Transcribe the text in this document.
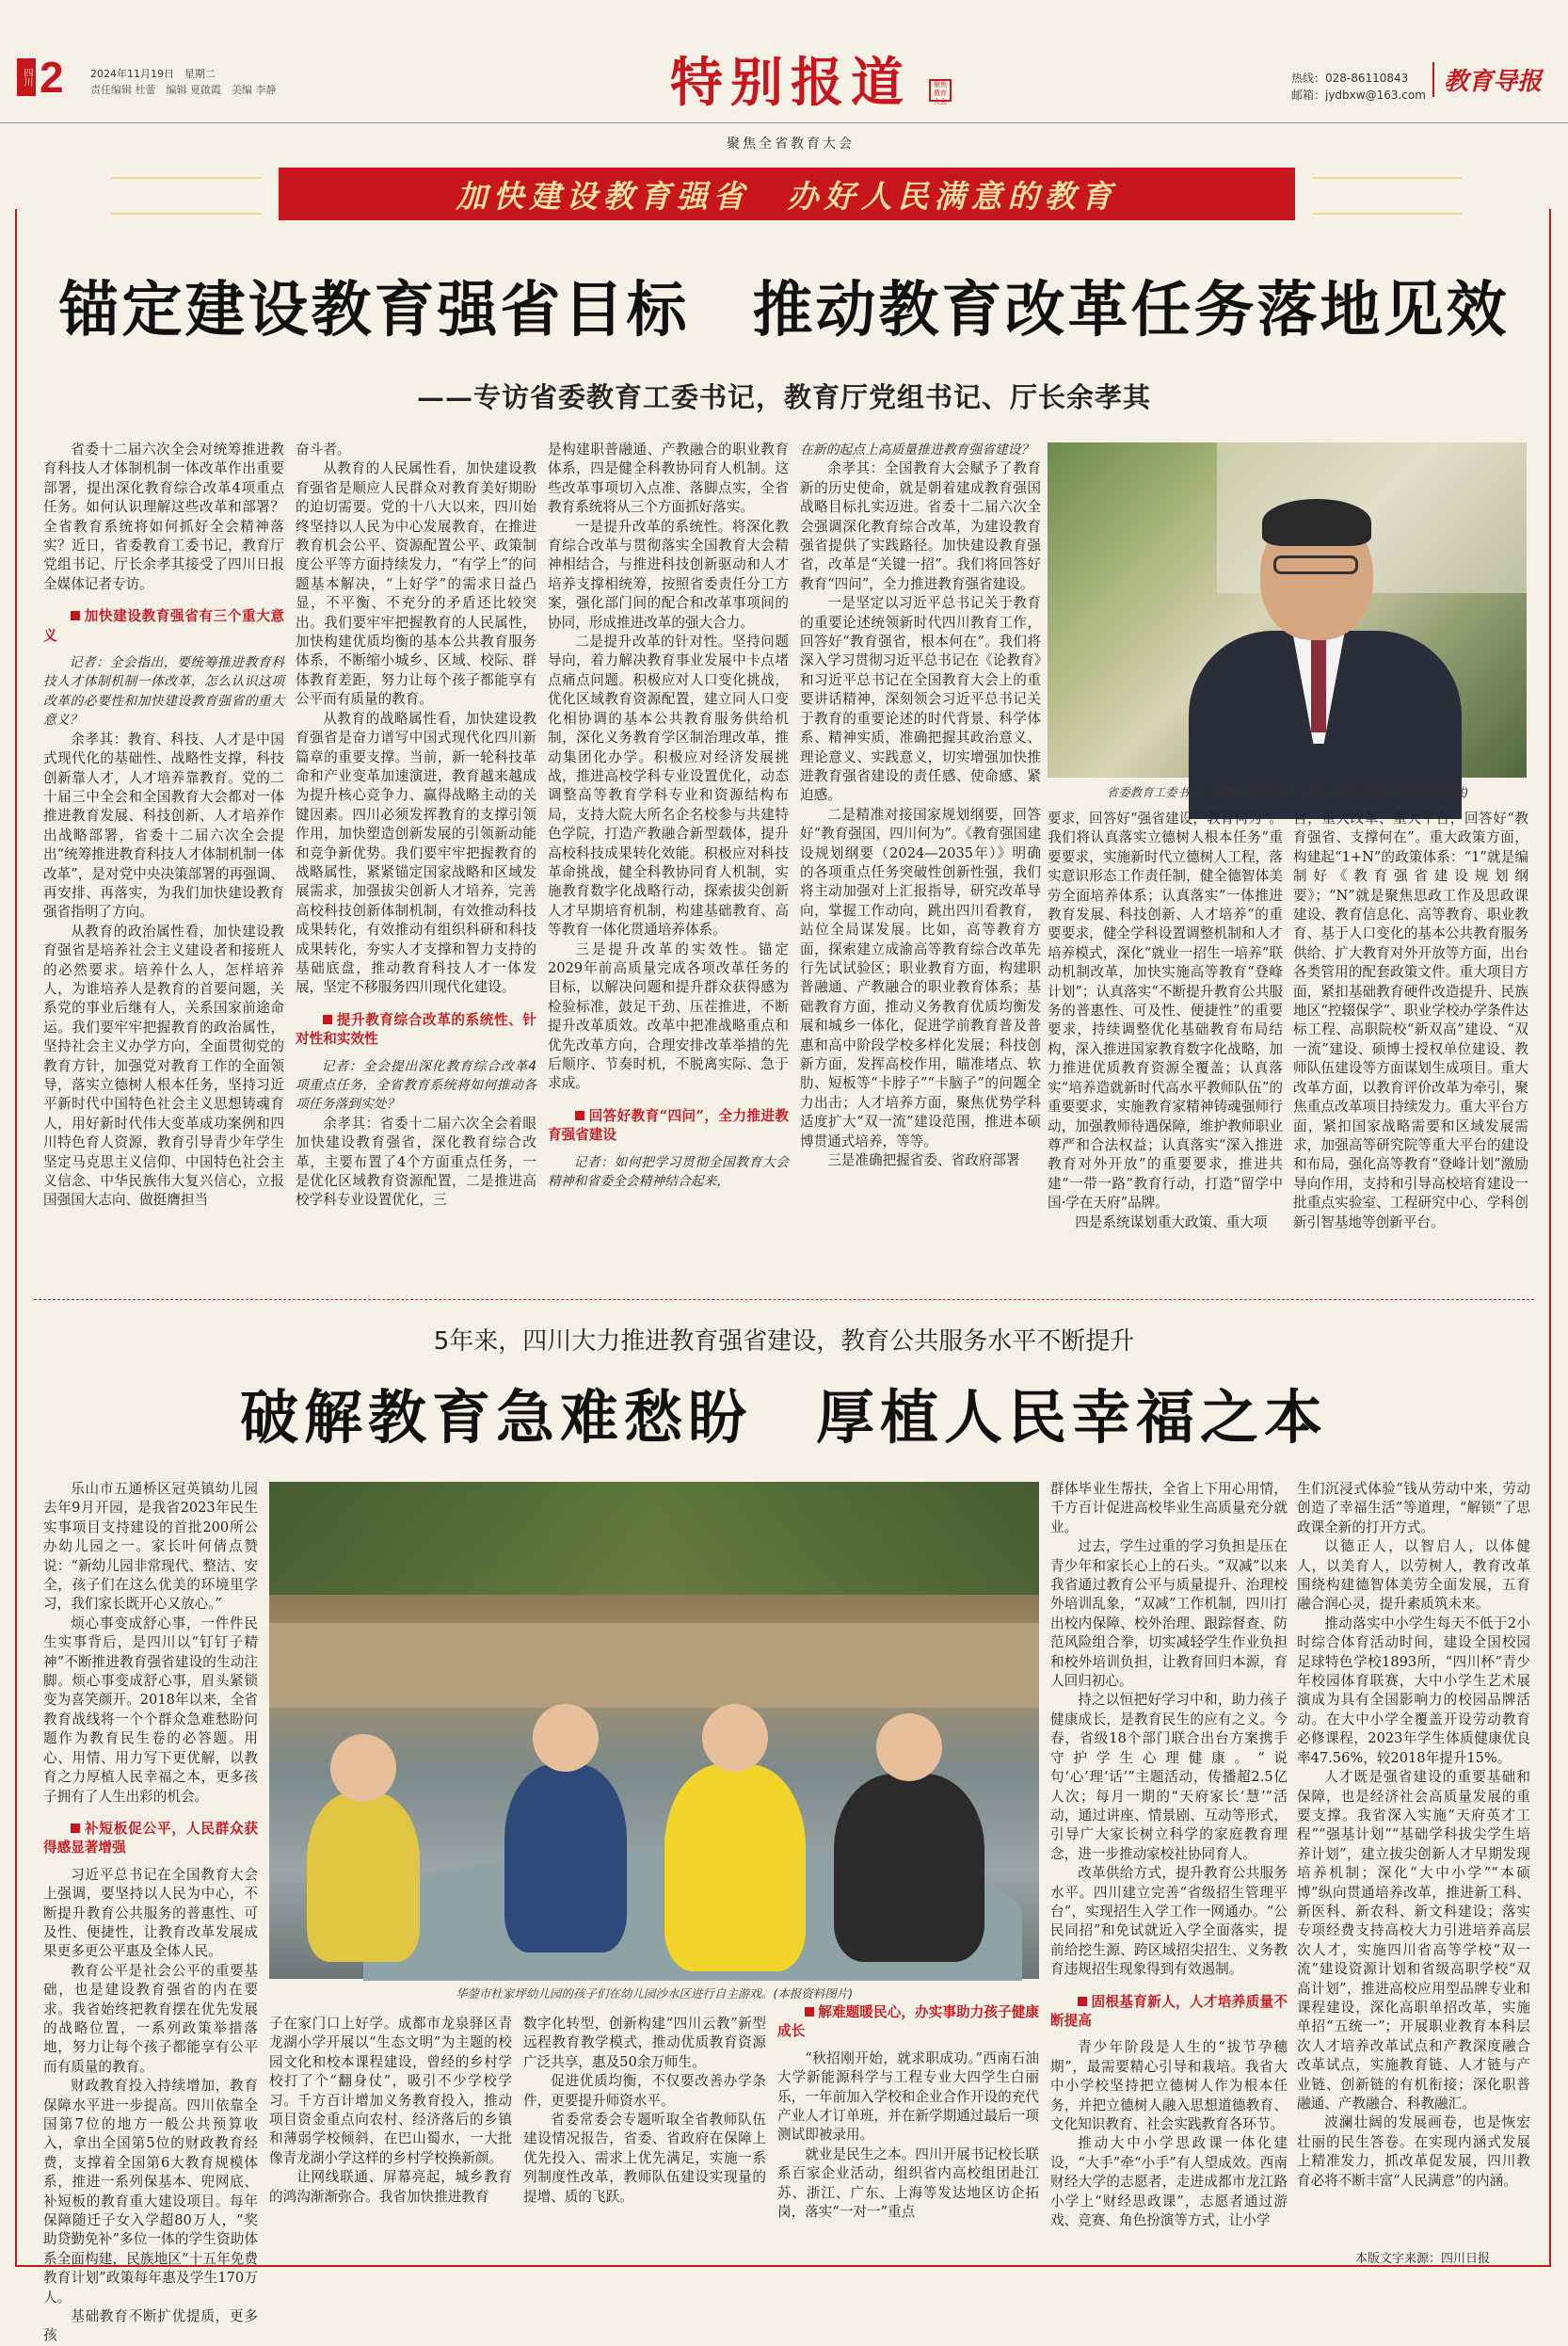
四川 2	2024年11月19日　星期二
责任编辑 杜蕾　编辑 夏啟霞　美编 李静	特别报道	聚焦教育大会
聚焦全省教育大会
热线：028-86110843
邮箱：jydbxw@163.com 教育导报
加快建设教育强省 办好人民满意的教育
锚定建设教育强省目标　推动教育改革任务落地见效
——专访省委教育工委书记，教育厅党组书记、厅长余孝其

省委十二届六次全会对统筹推进教育科技人才体制机制一体改革作出重要部署，提出深化教育综合改革4项重点任务。如何认识理解这些改革和部署？全省教育系统将如何抓好全会精神落实？近日，省委教育工委书记，教育厅党组书记、厅长余孝其接受了四川日报全媒体记者专访。

加快建设教育强省有三个重大意义

记者：全会指出，要统筹推进教育科技人才体制机制一体改革，怎么认识这项改革的必要性和加快建设教育强省的重大意义？

余孝其：教育、科技、人才是中国式现代化的基础性、战略性支撑，科技创新靠人才，人才培养靠教育。党的二十届三中全会和全国教育大会都对一体推进教育发展、科技创新、人才培养作出战略部署，省委十二届六次全会提出“统筹推进教育科技人才体制机制一体改革”，是对党中央决策部署的再强调、再安排、再落实，为我们加快建设教育强省指明了方向。

从教育的政治属性看，加快建设教育强省是培养社会主义建设者和接班人的必然要求。培养什么人，怎样培养人，为谁培养人是教育的首要问题，关系党的事业后继有人，关系国家前途命运。我们要牢牢把握教育的政治属性，坚持社会主义办学方向，全面贯彻党的教育方针，加强党对教育工作的全面领导，落实立德树人根本任务，坚持习近平新时代中国特色社会主义思想铸魂育人，用好新时代伟大变革成功案例和四川特色育人资源，教育引导青少年学生坚定马克思主义信仰、中国特色社会主义信念、中华民族伟大复兴信心，立报国强国大志向、做挺膺担当

奋斗者。

从教育的人民属性看，加快建设教育强省是顺应人民群众对教育美好期盼的迫切需要。党的十八大以来，四川始终坚持以人民为中心发展教育，在推进教育机会公平、资源配置公平、政策制度公平等方面持续发力，“有学上”的问题基本解决，“上好学”的需求日益凸显，不平衡、不充分的矛盾还比较突出。我们要牢牢把握教育的人民属性，加快构建优质均衡的基本公共教育服务体系，不断缩小城乡、区域、校际、群体教育差距，努力让每个孩子都能享有公平而有质量的教育。

从教育的战略属性看，加快建设教育强省是奋力谱写中国式现代化四川新篇章的重要支撑。当前，新一轮科技革命和产业变革加速演进，教育越来越成为提升核心竞争力、赢得战略主动的关键因素。四川必须发挥教育的支撑引领作用，加快塑造创新发展的引领新动能和竞争新优势。我们要牢牢把握教育的战略属性，紧紧锚定国家战略和区域发展需求，加强拔尖创新人才培养，完善高校科技创新体制机制，有效推动科技成果转化，有效推动有组织科研和科技成果转化，夯实人才支撑和智力支持的基础底盘，推动教育科技人才一体发展，坚定不移服务四川现代化建设。

提升教育综合改革的系统性、针对性和实效性

记者：全会提出深化教育综合改革4项重点任务，全省教育系统将如何推动各项任务落到实处？

余孝其：省委十二届六次全会着眼加快建设教育强省，深化教育综合改革，主要布置了4个方面重点任务，一是优化区域教育资源配置，二是推进高校学科专业设置优化，三

是构建职普融通、产教融合的职业教育体系，四是健全科教协同育人机制。这些改革事项切入点准、落脚点实，全省教育系统将从三个方面抓好落实。

一是提升改革的系统性。将深化教育综合改革与贯彻落实全国教育大会精神相结合，与推进科技创新驱动和人才培养支撑相统筹，按照省委责任分工方案，强化部门间的配合和改革事项间的协同，形成推进改革的强大合力。

二是提升改革的针对性。坚持问题导向，着力解决教育事业发展中卡点堵点痛点问题。积极应对人口变化挑战，优化区域教育资源配置，建立同人口变化相协调的基本公共教育服务供给机制，深化义务教育学区制治理改革，推动集团化办学。积极应对经济发展挑战，推进高校学科专业设置优化，动态调整高等教育学科专业和资源结构布局，支持大院大所名企名校参与共建特色学院，打造产教融合新型载体，提升高校科技成果转化效能。积极应对科技革命挑战，健全科教协同育人机制，实施教育数字化战略行动，探索拔尖创新人才早期培育机制，构建基础教育、高等教育一体化贯通培养体系。

三是提升改革的实效性。锚定2029年前高质量完成各项改革任务的目标，以解决问题和提升群众获得感为检验标准，鼓足干劲、压茬推进，不断提升改革质效。改革中把准战略重点和优先改革方向，合理安排改革举措的先后顺序、节奏时机，不脱离实际、急于求成。

回答好教育“四问”，全力推进教育强省建设

记者：如何把学习贯彻全国教育大会精神和省委全会精神结合起来，

在新的起点上高质量推进教育强省建设？

余孝其：全国教育大会赋予了教育新的历史使命，就是朝着建成教育强国战略目标扎实迈进。省委十二届六次全会强调深化教育综合改革，为建设教育强省提供了实践路径。加快建设教育强省，改革是“关键一招”。我们将回答好教育“四问”，全力推进教育强省建设。

一是坚定以习近平总书记关于教育的重要论述统领新时代四川教育工作，回答好“教育强省，根本何在”。我们将深入学习贯彻习近平总书记在《论教育》和习近平总书记在全国教育大会上的重要讲话精神，深刻领会习近平总书记关于教育的重要论述的时代背景、科学体系、精神实质，准确把握其政治意义、理论意义、实践意义，切实增强加快推进教育强省建设的责任感、使命感、紧迫感。

二是精准对接国家规划纲要，回答好“教育强国，四川何为”。《教育强国建设规划纲要（2024—2035年）》明确的各项重点任务突破性创新性强，我们将主动加强对上汇报指导，研究改革导向，掌握工作动向，跳出四川看教育，站位全局谋发展。比如，高等教育方面，探索建立成渝高等教育综合改革先行先试试验区；职业教育方面，构建职普融通、产教融合的职业教育体系；基础教育方面，推动义务教育优质均衡发展和城乡一体化，促进学前教育普及普惠和高中阶段学校多样化发展；科技创新方面，发挥高校作用，瞄准堵点、软肋、短板等“卡脖子”“卡脑子”的问题全力出击；人才培养方面，聚焦优势学科适度扩大“双一流”建设范围，推进本硕博贯通式培养，等等。

三是准确把握省委、省政府部署

省委教育工委书记，教育厅党组书记、厅长余孝其(图片由教育厅提供)

要求，回答好“强省建设，教育何为”。我们将认真落实立德树人根本任务“重要要求，实施新时代立德树人工程，落实意识形态工作责任制，健全德智体美劳全面培养体系；认真落实“一体推进教育发展、科技创新、人才培养”的重要要求，健全学科设置调整机制和人才培养模式，深化“就业一招生一培养”联动机制改革，加快实施高等教育“登峰计划”；认真落实“不断提升教育公共服务的普惠性、可及性、便捷性”的重要要求，持续调整优化基础教育布局结构，深入推进国家教育数字化战略，加力推进优质教育资源全覆盖；认真落实“培养造就新时代高水平教师队伍”的重要要求，实施教育家精神铸魂强师行动，加强教师待遇保障，维护教师职业尊严和合法权益；认真落实“深入推进教育对外开放”的重要要求，推进共建“一带一路”教育行动，打造“留学中国·学在天府”品牌。

四是系统谋划重大政策、重大项

目，重大改革、重大平台，回答好“教育强省、支撑何在”。重大政策方面，构建起“1+N”的政策体系：“1”就是编制好《教育强省建设规划纲要》；“N”就是聚焦思政工作及思政课建设、教育信息化、高等教育、职业教育、基于人口变化的基本公共教育服务供给、扩大教育对外开放等方面，出台各类管用的配套政策文件。重大项目方面，紧扣基础教育硬件改造提升、民族地区“控辍保学”、职业学校办学条件达标工程、高职院校“新双高”建设、“双一流”建设、硕博士授权单位建设、教师队伍建设等方面谋划生成项目。重大改革方面，以教育评价改革为牵引，聚焦重点改革项目持续发力。重大平台方面，紧扣国家战略需要和区域发展需求，加强高等研究院等重大平台的建设和布局，强化高等教育“登峰计划”激励导向作用，支持和引导高校培育建设一批重点实验室、工程研究中心、学科创新引智基地等创新平台。

5年来，四川大力推进教育强省建设，教育公共服务水平不断提升
破解教育急难愁盼　厚植人民幸福之本

乐山市五通桥区冠英镇幼儿园去年9月开园，是我省2023年民生实事项目支持建设的首批200所公办幼儿园之一。家长叶何倩点赞说：“新幼儿园非常现代、整洁、安全，孩子们在这么优美的环境里学习，我们家长既开心又放心。”

烦心事变成舒心事，一件件民生实事背后，是四川以“钉钉子精神”不断推进教育强省建设的生动注脚。烦心事变成舒心事，眉头紧锁变为喜笑颜开。2018年以来，全省教育战线将一个个群众急难愁盼问题作为教育民生卷的必答题。用心、用情、用力写下更优解，以教育之力厚植人民幸福之本，更多孩子拥有了人生出彩的机会。

补短板促公平，人民群众获得感显著增强

习近平总书记在全国教育大会上强调，要坚持以人民为中心，不断提升教育公共服务的普惠性、可及性、便捷性，让教育改革发展成果更多更公平惠及全体人民。

教育公平是社会公平的重要基础，也是建设教育强省的内在要求。我省始终把教育摆在优先发展的战略位置，一系列政策举措落地，努力让每个孩子都能享有公平而有质量的教育。

财政教育投入持续增加，教育保障水平进一步提高。四川依靠全国第7位的地方一般公共预算收入，拿出全国第5位的财政教育经费，支撑着全国第6大教育规模体系，推进一系列保基本、兜网底、补短板的教育重大建设项目。每年保障随迁子女入学超80万人，“奖助贷勤免补”多位一体的学生资助体系全面构建，民族地区“十五年免费教育计划”政策每年惠及学生170万人。

基础教育不断扩优提质，更多孩

华蓥市杜家坪幼儿园的孩子们在幼儿园沙水区进行自主游戏。(本报资料图片)

子在家门口上好学。成都市龙泉驿区青龙湖小学开展以“生态文明”为主题的校园文化和校本课程建设，曾经的乡村学校打了个“翻身仗”，吸引不少学校学习。千方百计增加义务教育投入，推动项目资金重点向农村、经济落后的乡镇和薄弱学校倾斜，在巴山蜀水，一大批像青龙湖小学这样的乡村学校换新颜。

让网线联通、屏幕亮起，城乡教育的鸿沟渐渐弥合。我省加快推进教育

数字化转型，创新构建“四川云教”新型远程教育教学模式，推动优质教育资源广泛共享，惠及50余万师生。

促进优质均衡，不仅要改善办学条件，更要提升师资水平。

省委常委会专题听取全省教师队伍建设情况报告，省委、省政府在保障上优先投入、需求上优先满足，实施一系列制度性改革，教师队伍建设实现量的提增、质的飞跃。

解难题暖民心，办实事助力孩子健康成长

“秋招刚开始，就求职成功。”西南石油大学新能源科学与工程专业大四学生白丽乐，一年前加入学校和企业合作开设的充代产业人才订单班，并在新学期通过最后一项测试即被录用。

就业是民生之本。四川开展书记校长联系百家企业活动，组织省内高校组团赴江苏、浙江、广东、上海等发达地区访企拓岗，落实“一对一”重点

群体毕业生帮扶，全省上下用心用情，千方百计促进高校毕业生高质量充分就业。

过去，学生过重的学习负担是压在青少年和家长心上的石头。“双减”以来我省通过教育公平与质量提升、治理校外培训乱象，“双减”工作机制，四川打出校内保障、校外治理、跟踪督查、防范风险组合拳，切实减轻学生作业负担和校外培训负担，让教育回归本源，育人回归初心。

持之以恒把好学习中和，助力孩子健康成长，是教育民生的应有之义。今春，省级18个部门联合出台方案携手守护学生心理健康。“说句‘心’理‘话’”主题活动，传播超2.5亿人次；每月一期的“天府家长‘慧’”活动，通过讲座、情景剧、互动等形式，引导广大家长树立科学的家庭教育理念，进一步推动家校社协同育人。

改革供给方式，提升教育公共服务水平。四川建立完善“省级招生管理平台”，实现招生入学工作一网通办。“公民同招”和免试就近入学全面落实，提前给挖生源、跨区域招尖招生、义务教育违规招生现象得到有效遏制。

固根基育新人，人才培养质量不断提高

青少年阶段是人生的“拔节孕穗期”，最需要精心引导和栽培。我省大中小学校坚持把立德树人作为根本任务，并把立德树人融入思想道德教育、文化知识教育、社会实践教育各环节。

推动大中小学思政课一体化建设，“大手”牵“小手”有人望成效。西南财经大学的志愿者，走进成都市龙江路小学上“财经思政课”，志愿者通过游戏、竞赛、角色扮演等方式，让小学

生们沉浸式体验“钱从劳动中来，劳动创造了幸福生活”等道理，“解锁”了思政课全新的打开方式。

以德正人，以智启人，以体健人，以美育人，以劳树人，教育改革围绕构建德智体美劳全面发展，五育融合润心灵，提升素质筑未来。

推动落实中小学生每天不低于2小时综合体育活动时间，建设全国校园足球特色学校1893所，“四川杯”青少年校园体育联赛，大中小学生艺术展演成为具有全国影响力的校园品牌活动。在大中小学全覆盖开设劳动教育必修课程，2023年学生体质健康优良率47.56%，较2018年提升15%。

人才既是强省建设的重要基础和保障，也是经济社会高质量发展的重要支撑。我省深入实施“天府英才工程”“强基计划”“基础学科拔尖学生培养计划”，建立拔尖创新人才早期发现培养机制；深化“大中小学”“本硕博”纵向贯通培养改革，推进新工科、新医科、新农科、新文科建设；落实专项经费支持高校大力引进培养高层次人才，实施四川省高等学校“双一流”建设资源计划和省级高职学校“双高计划”，推进高校应用型品牌专业和课程建设，深化高职单招改革，实施单招“五统一”；开展职业教育本科层次人才培养改革试点和产教深度融合改革试点，实施教育链、人才链与产业链、创新链的有机衔接；深化职普融通、产教融合、科教融汇。

波澜壮阔的发展画卷，也是恢宏壮丽的民生答卷。在实现内涵式发展上精准发力，抓改革促发展，四川教育必将不断丰富“人民满意”的内涵。

本版文字来源：四川日报
